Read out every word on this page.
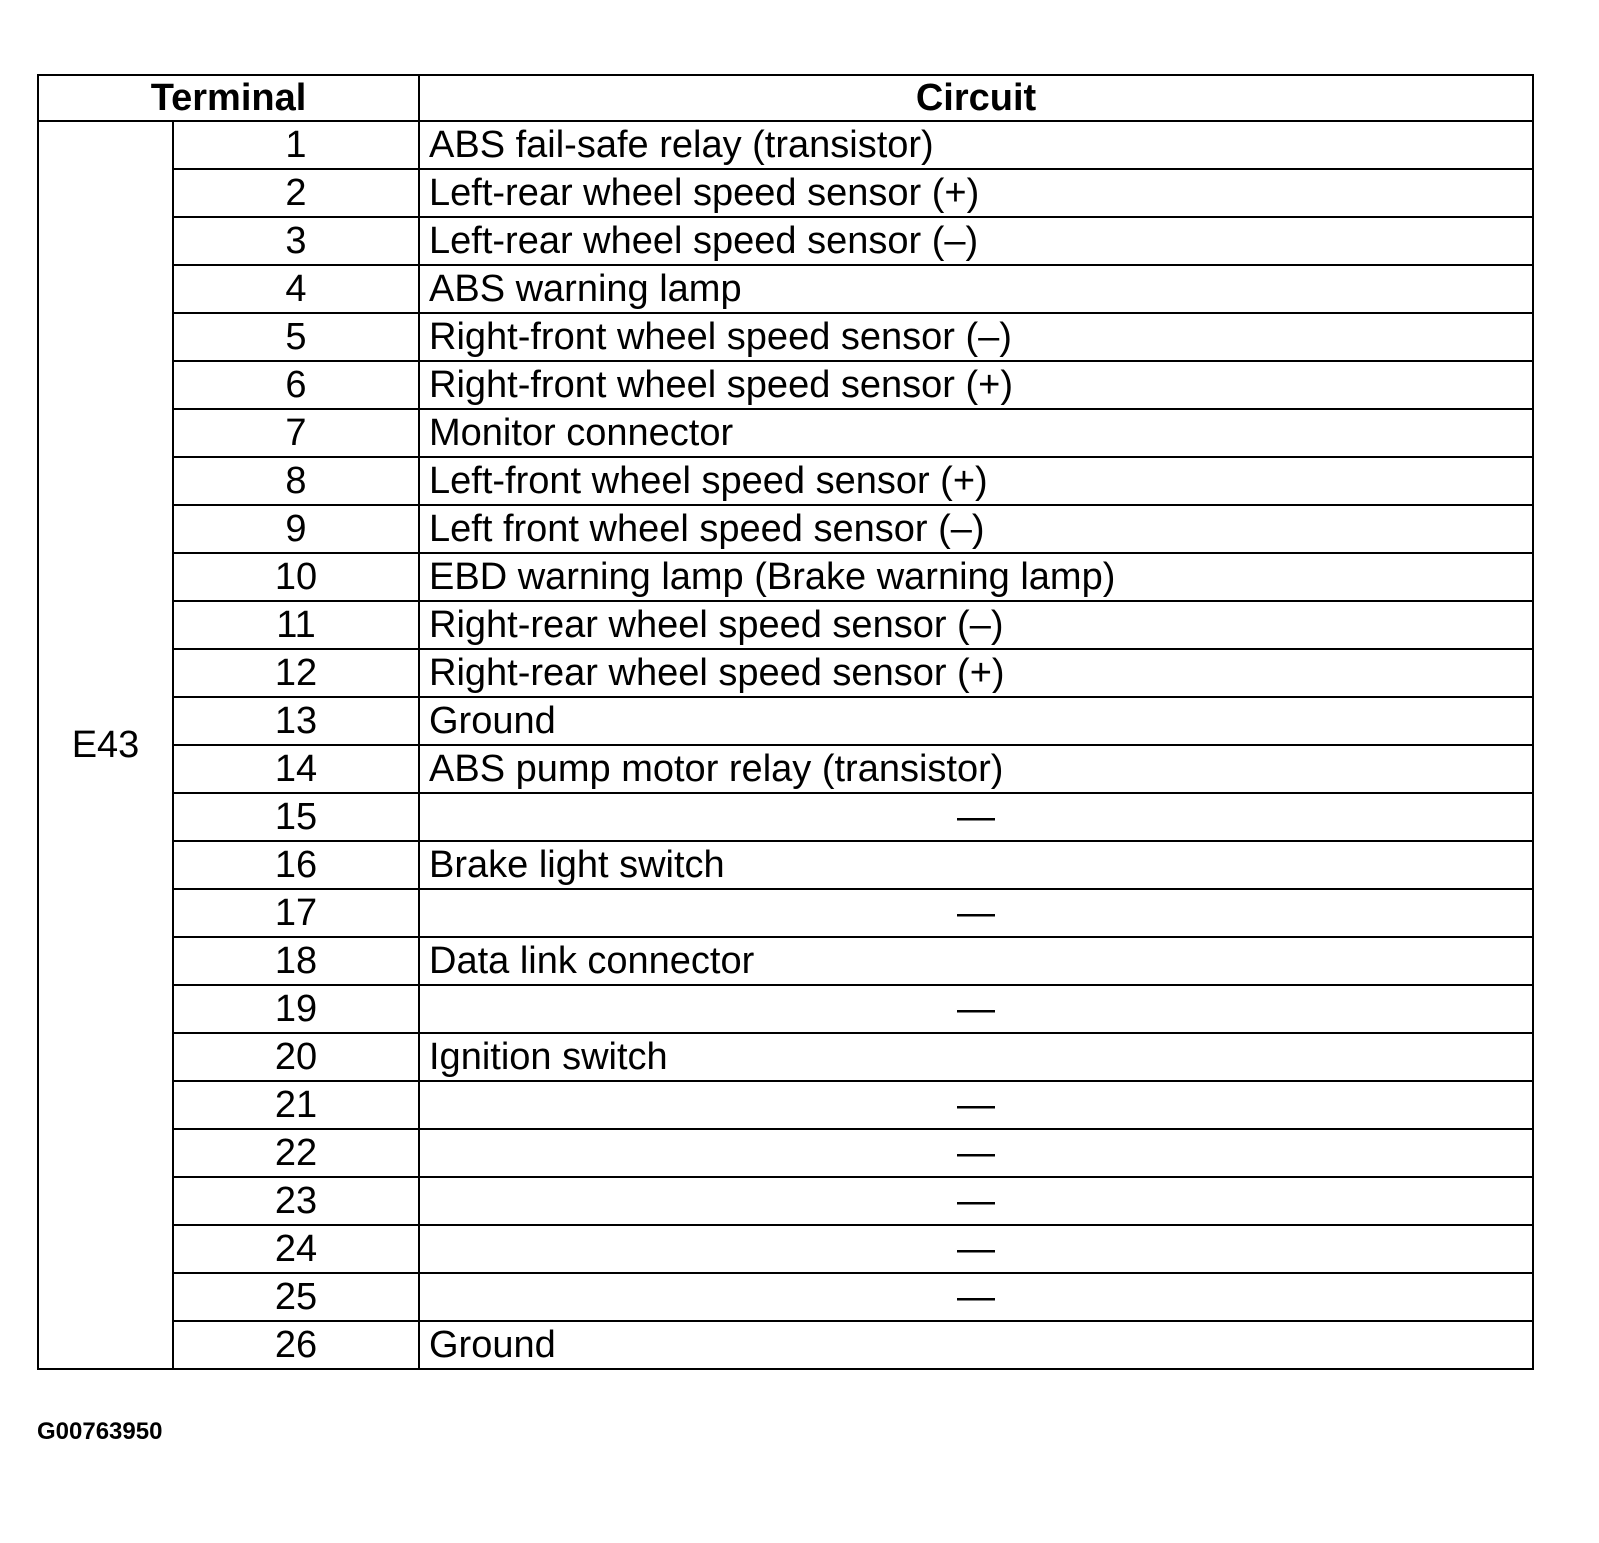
Terminal		Circuit
E43	1	ABS fail-safe relay (transistor)
	2	Left-rear wheel speed sensor (+)
	3	Left-rear wheel speed sensor (–)
	4	ABS warning lamp
	5	Right-front wheel speed sensor (–)
	6	Right-front wheel speed sensor (+)
	7	Monitor connector
	8	Left-front wheel speed sensor (+)
	9	Left front wheel speed sensor (–)
	10	EBD warning lamp (Brake warning lamp)
	11	Right-rear wheel speed sensor (–)
	12	Right-rear wheel speed sensor (+)
	13	Ground
	14	ABS pump motor relay (transistor)
	15	—
	16	Brake light switch
	17	—
	18	Data link connector
	19	—
	20	Ignition switch
	21	—
	22	—
	23	—
	24	—
	25	—
	26	Ground
G00763950
